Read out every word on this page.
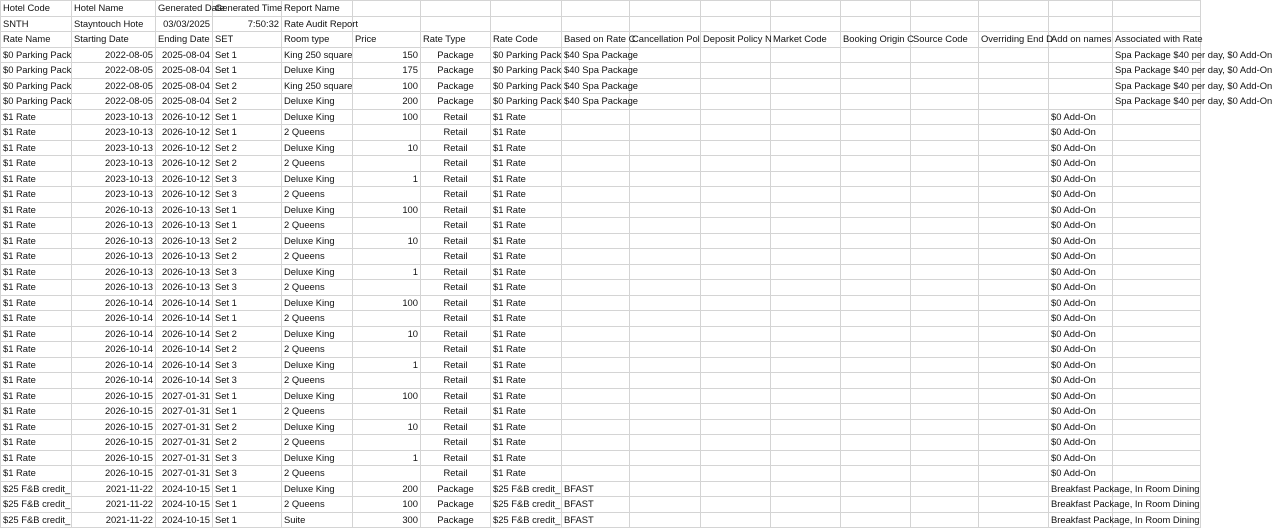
Hotel Code	Hotel Name	Generated Date	Generated Time	Report Name												
SNTH	Stayntouch Hote	03/03/2025	7:50:32	Rate Audit Report												
Rate Name	Starting Date	Ending Date	SET	Room type	Price	Rate Type	Rate Code	Based on Rate C	Cancellation Pol	Deposit Policy N	Market Code	Booking Origin C	Source Code	Overriding End D	Add on names	Associated with Rate
$0 Parking Pack	2022-08-05	2025-08-04	Set 1	King 250 square	150	Package	$0 Parking Pack	$40 Spa Package								Spa Package $40 per day, $0 Add-On
$0 Parking Pack	2022-08-05	2025-08-04	Set 1	Deluxe King	175	Package	$0 Parking Pack	$40 Spa Package								Spa Package $40 per day, $0 Add-On
$0 Parking Pack	2022-08-05	2025-08-04	Set 2	King 250 square	100	Package	$0 Parking Pack	$40 Spa Package								Spa Package $40 per day, $0 Add-On
$0 Parking Pack	2022-08-05	2025-08-04	Set 2	Deluxe King	200	Package	$0 Parking Pack	$40 Spa Package								Spa Package $40 per day, $0 Add-On
$1 Rate	2023-10-13	2026-10-12	Set 1	Deluxe King	100	Retail	$1 Rate								$0 Add-On	
$1 Rate	2023-10-13	2026-10-12	Set 1	2 Queens		Retail	$1 Rate								$0 Add-On	
$1 Rate	2023-10-13	2026-10-12	Set 2	Deluxe King	10	Retail	$1 Rate								$0 Add-On	
$1 Rate	2023-10-13	2026-10-12	Set 2	2 Queens		Retail	$1 Rate								$0 Add-On	
$1 Rate	2023-10-13	2026-10-12	Set 3	Deluxe King	1	Retail	$1 Rate								$0 Add-On	
$1 Rate	2023-10-13	2026-10-12	Set 3	2 Queens		Retail	$1 Rate								$0 Add-On	
$1 Rate	2026-10-13	2026-10-13	Set 1	Deluxe King	100	Retail	$1 Rate								$0 Add-On	
$1 Rate	2026-10-13	2026-10-13	Set 1	2 Queens		Retail	$1 Rate								$0 Add-On	
$1 Rate	2026-10-13	2026-10-13	Set 2	Deluxe King	10	Retail	$1 Rate								$0 Add-On	
$1 Rate	2026-10-13	2026-10-13	Set 2	2 Queens		Retail	$1 Rate								$0 Add-On	
$1 Rate	2026-10-13	2026-10-13	Set 3	Deluxe King	1	Retail	$1 Rate								$0 Add-On	
$1 Rate	2026-10-13	2026-10-13	Set 3	2 Queens		Retail	$1 Rate								$0 Add-On	
$1 Rate	2026-10-14	2026-10-14	Set 1	Deluxe King	100	Retail	$1 Rate								$0 Add-On	
$1 Rate	2026-10-14	2026-10-14	Set 1	2 Queens		Retail	$1 Rate								$0 Add-On	
$1 Rate	2026-10-14	2026-10-14	Set 2	Deluxe King	10	Retail	$1 Rate								$0 Add-On	
$1 Rate	2026-10-14	2026-10-14	Set 2	2 Queens		Retail	$1 Rate								$0 Add-On	
$1 Rate	2026-10-14	2026-10-14	Set 3	Deluxe King	1	Retail	$1 Rate								$0 Add-On	
$1 Rate	2026-10-14	2026-10-14	Set 3	2 Queens		Retail	$1 Rate								$0 Add-On	
$1 Rate	2026-10-15	2027-01-31	Set 1	Deluxe King	100	Retail	$1 Rate								$0 Add-On	
$1 Rate	2026-10-15	2027-01-31	Set 1	2 Queens		Retail	$1 Rate								$0 Add-On	
$1 Rate	2026-10-15	2027-01-31	Set 2	Deluxe King	10	Retail	$1 Rate								$0 Add-On	
$1 Rate	2026-10-15	2027-01-31	Set 2	2 Queens		Retail	$1 Rate								$0 Add-On	
$1 Rate	2026-10-15	2027-01-31	Set 3	Deluxe King	1	Retail	$1 Rate								$0 Add-On	
$1 Rate	2026-10-15	2027-01-31	Set 3	2 Queens		Retail	$1 Rate								$0 Add-On	
$25 F&B credit_	2021-11-22	2024-10-15	Set 1	Deluxe King	200	Package	$25 F&B credit_	BFAST							Breakfast Package, In Room Dining	
$25 F&B credit_	2021-11-22	2024-10-15	Set 1	2 Queens	100	Package	$25 F&B credit_	BFAST							Breakfast Package, In Room Dining	
$25 F&B credit_	2021-11-22	2024-10-15	Set 1	Suite	300	Package	$25 F&B credit_	BFAST							Breakfast Package, In Room Dining	
